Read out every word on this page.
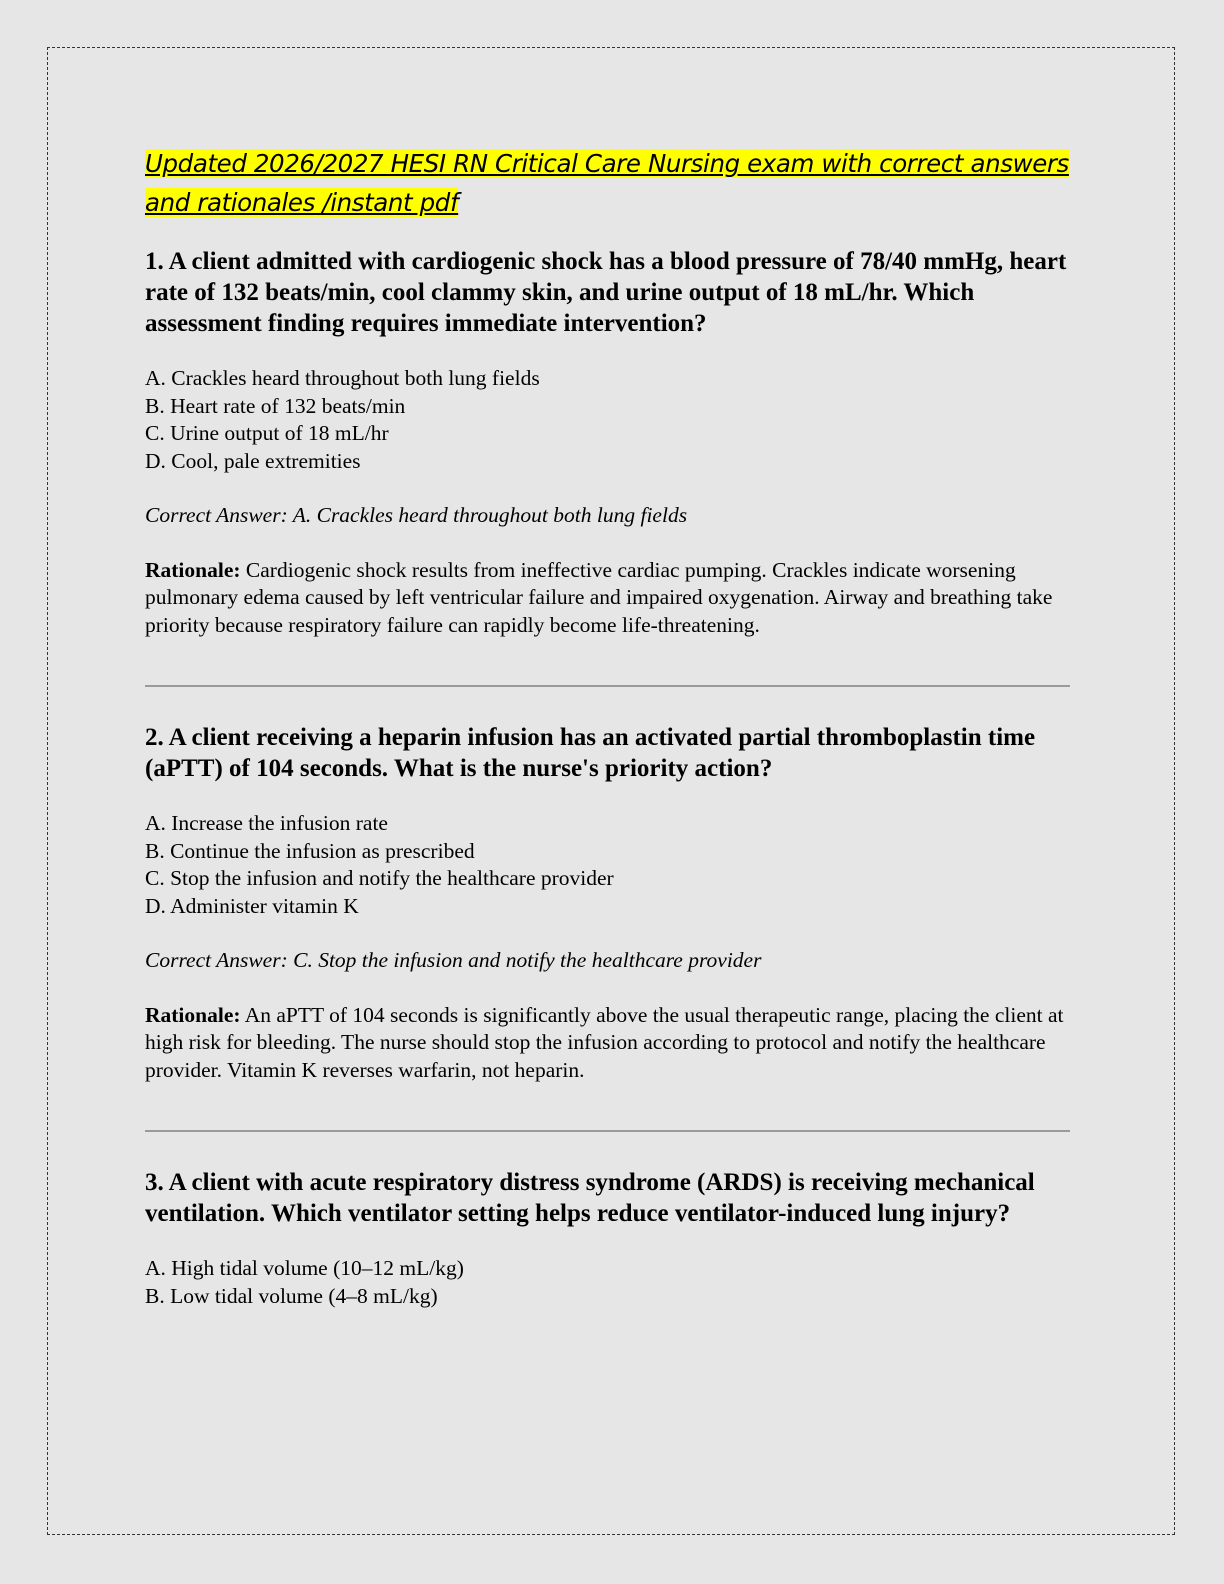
Updated 2026/2027 HESI RN Critical Care Nursing exam with correct answers and rationales /instant pdf

1. A client admitted with cardiogenic shock has a blood pressure of 78/40 mmHg, heart rate of 132 beats/min, cool clammy skin, and urine output of 18 mL/hr. Which assessment finding requires immediate intervention?

A. Crackles heard throughout both lung fields
B. Heart rate of 132 beats/min
C. Urine output of 18 mL/hr
D. Cool, pale extremities

Correct Answer: A. Crackles heard throughout both lung fields

Rationale: Cardiogenic shock results from ineffective cardiac pumping. Crackles indicate worsening pulmonary edema caused by left ventricular failure and impaired oxygenation. Airway and breathing take priority because respiratory failure can rapidly become life-threatening.

2. A client receiving a heparin infusion has an activated partial thromboplastin time (aPTT) of 104 seconds. What is the nurse's priority action?

A. Increase the infusion rate
B. Continue the infusion as prescribed
C. Stop the infusion and notify the healthcare provider
D. Administer vitamin K

Correct Answer: C. Stop the infusion and notify the healthcare provider

Rationale: An aPTT of 104 seconds is significantly above the usual therapeutic range, placing the client at high risk for bleeding. The nurse should stop the infusion according to protocol and notify the healthcare provider. Vitamin K reverses warfarin, not heparin.

3. A client with acute respiratory distress syndrome (ARDS) is receiving mechanical ventilation. Which ventilator setting helps reduce ventilator-induced lung injury?

A. High tidal volume (10–12 mL/kg)
B. Low tidal volume (4–8 mL/kg)
